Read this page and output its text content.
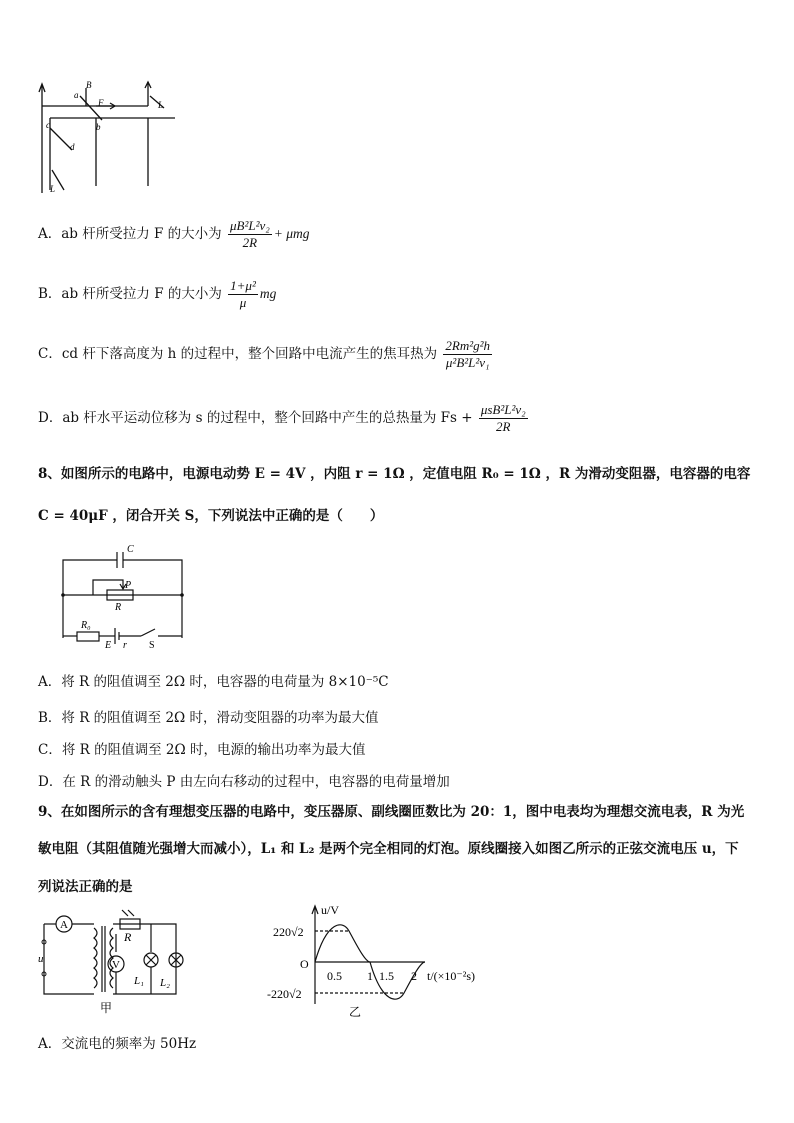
a
B
F
b
c
d
L
L
A．ab 杆所受拉力 F 的大小为 $\frac{\text{μB²L²v₂}}{2R} + \mu mg$
B．ab 杆所受拉力 F 的大小为 $\frac{\text{1+μ²}}{\mu}$ mg
C．cd 杆下落高度为 h 的过程中，整个回路中电流产生的焦耳热为 $\frac{\text{2Rm²g²h}}{\text{μ²B²L²v₁}}$
D．ab 杆水平运动位移为 s 的过程中，整个回路中产生的总热量为 $Fs + \frac{\text{μsB²L²v₂}}{2R}$
8、如图所示的电路中，电源电动势 E = 4V ，内阻 r = 1Ω ，定值电阻 R₀ = 1Ω ，R 为滑动变阻器，电容器的电容
C = 40μF ，闭合开关 S，下列说法中正确的是（　　）
C
P
R
R₀
E r S
A．将 R 的阻值调至 2Ω 时，电容器的电荷量为 8×10⁻⁵C
B．将 R 的阻值调至 2Ω 时，滑动变阻器的功率为最大值
C．将 R 的阻值调至 2Ω 时，电源的输出功率为最大值
D．在 R 的滑动触头 P 由左向右移动的过程中，电容器的电荷量增加
9、在如图所示的含有理想变压器的电路中，变压器原、副线圈匝数比为 20：1，图中电表均为理想交流电表，R 为光
敏电阻（其阻值随光强增大而减小），L₁ 和 L₂ 是两个完全相同的灯泡。原线圈接入如图乙所示的正弦交流电压 u，下
列说法正确的是
A
V
R
u
L₁ L₂
甲
u/V
220√2
O
-220√2
0.5 1 1.5 2 t/(×10⁻²s)
乙
A．交流电的频率为 50Hz
